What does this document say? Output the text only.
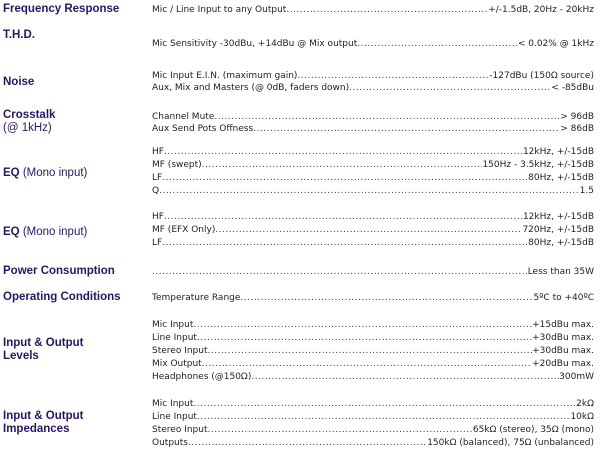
Frequency Response	Mic / Line Input to any Output .....	+/-1.5dB, 20Hz - 20kHz
T.H.D.
Mic Sensitivity -30dBu, +14dBu @ Mix output .....	< 0.02% @ 1kHz
Noise	Mic Input E.I.N. (maximum gain) .....	-127dBu (150Ω source)
Aux, Mix and Masters (@ 0dB, faders down) .....	< -85dBu
Crosstalk
(@ 1kHz)
Channel Mute .....	> 96dB
Aux Send Pots Offness .....	> 86dB
EQ (Mono input)
HF .....	12kHz, +/-15dB
MF (swept) .....	150Hz - 3.5kHz, +/-15dB
LF .....	80Hz, +/-15dB
Q .....	1.5
EQ (Mono input)
HF .....	12kHz, +/-15dB
MF (EFX Only) .....	720Hz, +/-15dB
LF .....	80Hz, +/-15dB
Power Consumption .....	Less than 35W
Operating Conditions	Temperature Range .....	5ºC to +40ºC
Input & Output Levels
Mic Input .....	+15dBu max.
Line Input .....	+30dBu max.
Stereo Input .....	+30dBu max.
Mix Output .....	+20dBu max.
Headphones (@150Ω) .....	300mW
Input & Output Impedances
Mic Input .....	2kΩ
Line Input .....	10kΩ
Stereo Input .....	65kΩ (stereo), 35Ω (mono)
Outputs .....	150kΩ (balanced), 75Ω (unbalanced)
